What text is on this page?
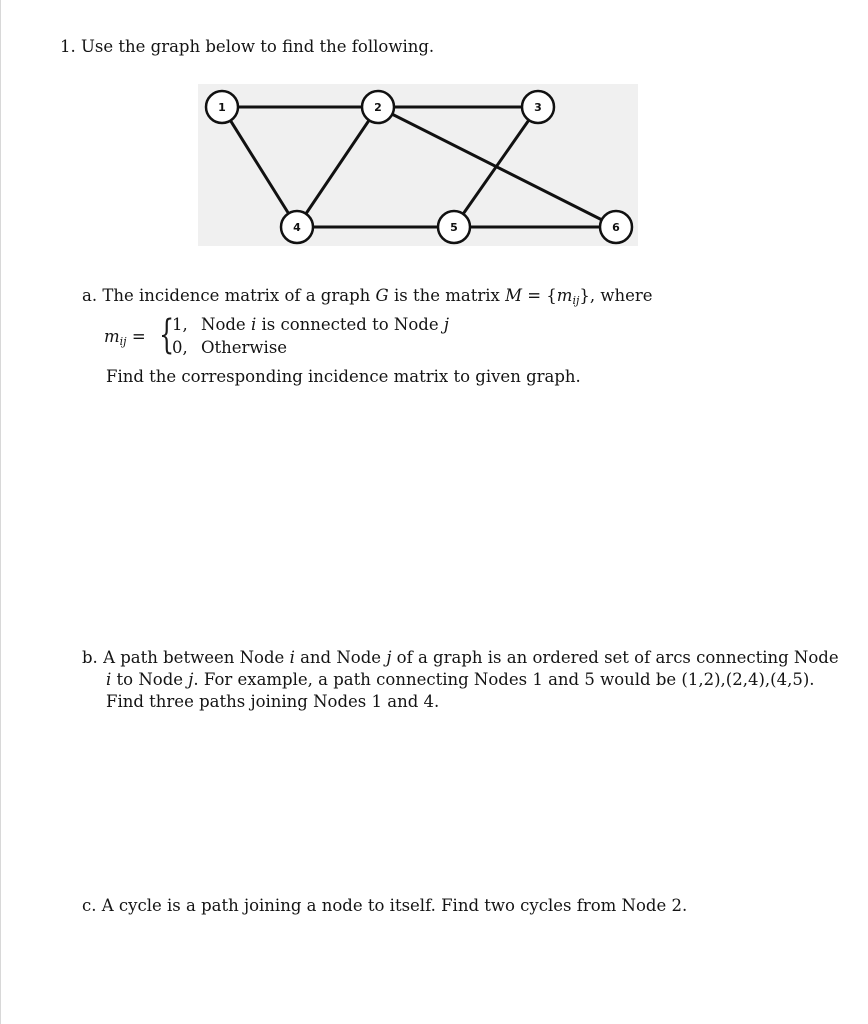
1. Use the graph below to find the following.
1	2	3
4	5	6
a. The incidence matrix of a graph G is the matrix $M = \{m_{ij}\}$, where
$m_{ij}$ = {
1, Node i is connected to Node j
0, Otherwise
Find the corresponding incidence matrix to given graph.
b. A path between Node i and Node j of a graph is an ordered set of arcs connecting Node
i to Node j. For example, a path connecting Nodes 1 and 5 would be (1,2),(2,4),(4,5).
Find three paths joining Nodes 1 and 4.
c. A cycle is a path joining a node to itself. Find two cycles from Node 2.
